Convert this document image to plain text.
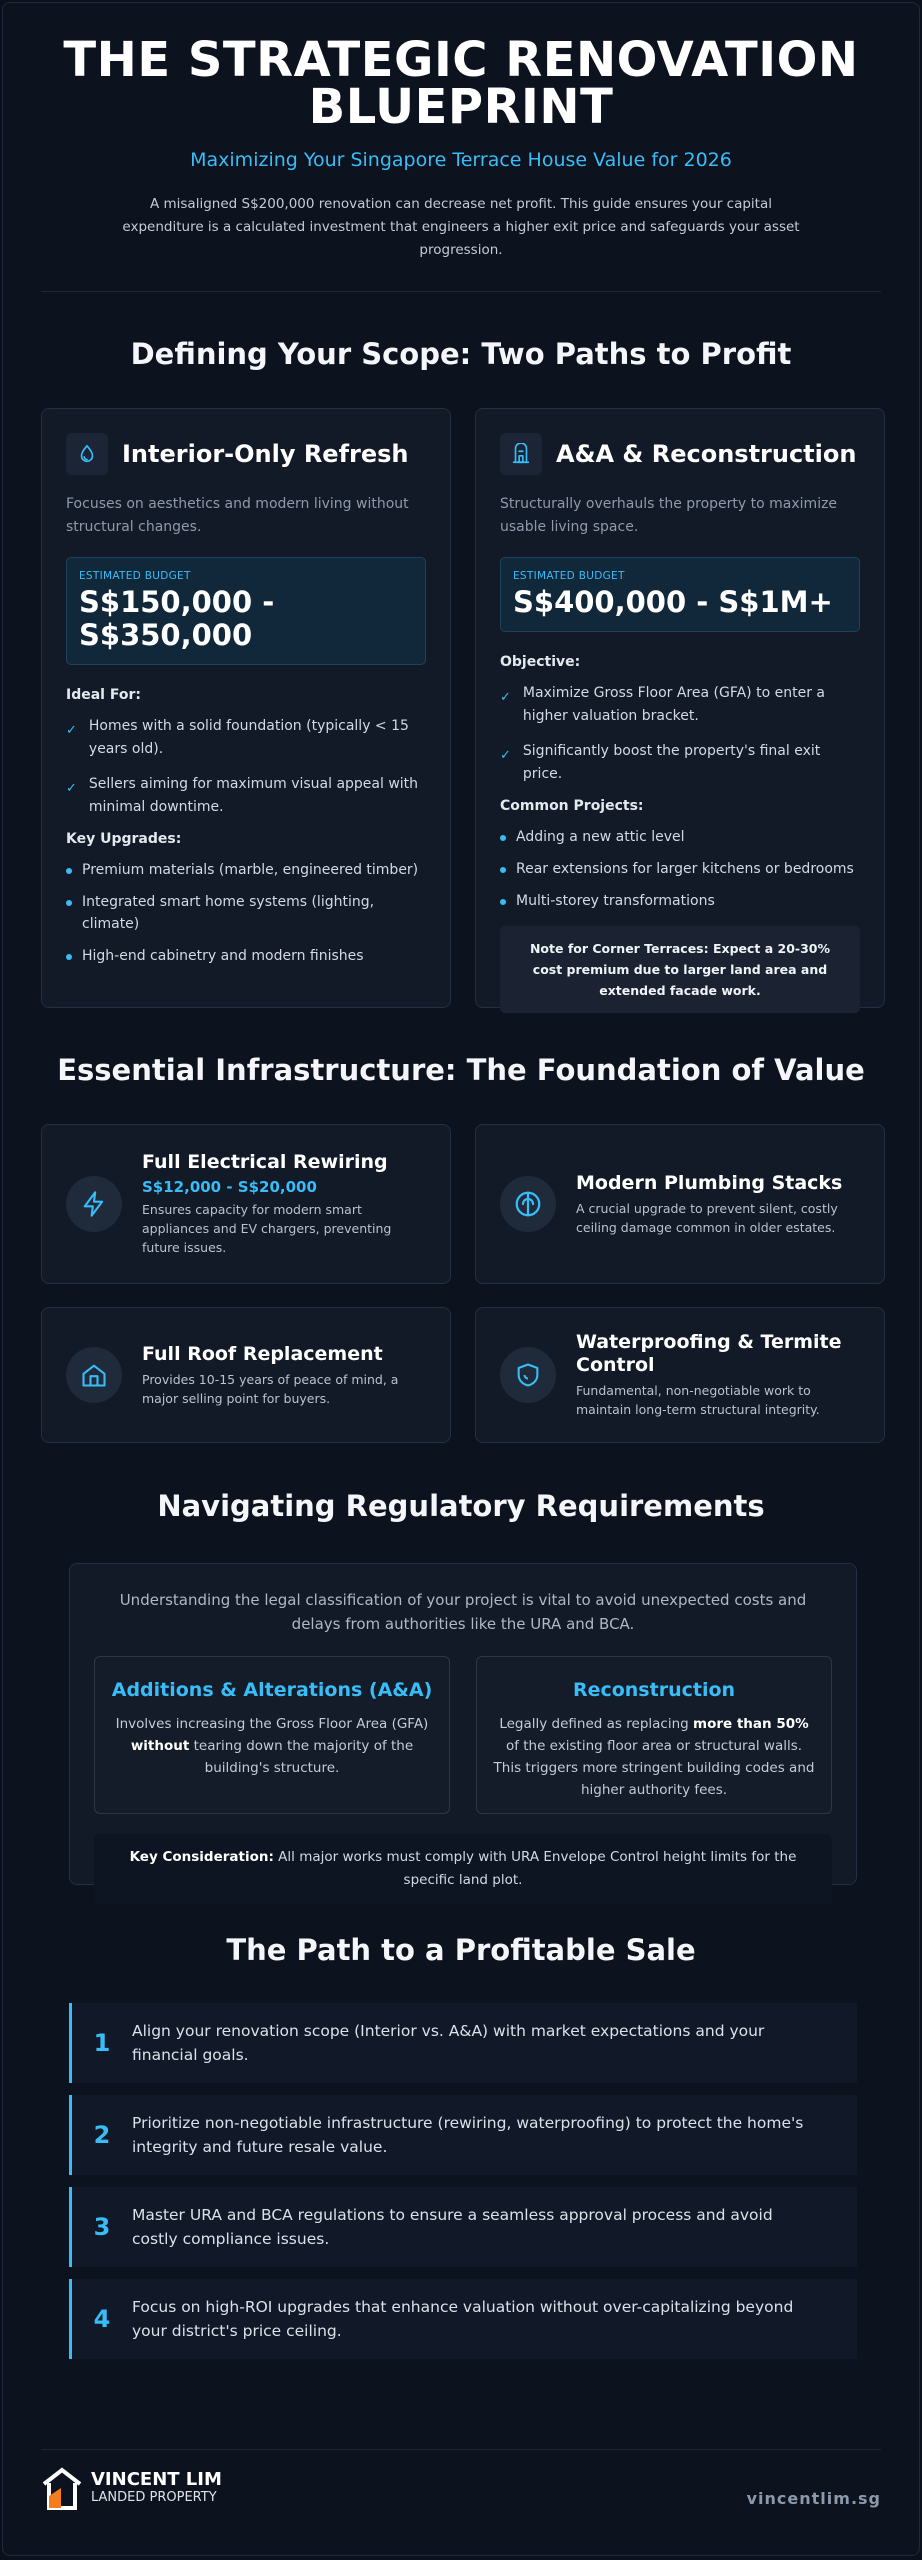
THE STRATEGIC RENOVATION
BLUEPRINT
Maximizing Your Singapore Terrace House Value for 2026

A misaligned S$200,000 renovation can decrease net profit. This guide ensures your capital expenditure is a calculated investment that engineers a higher exit price and safeguards your asset progression.

Defining Your Scope: Two Paths to Profit
Interior-Only Refresh

Focuses on aesthetics and modern living without structural changes.

ESTIMATED BUDGET
S$150,000 - S$350,000
Ideal For:
✓ Homes with a solid foundation (typically < 15 years old).
✓ Sellers aiming for maximum visual appeal with minimal downtime.
Key Upgrades:
Premium materials (marble, engineered timber)
Integrated smart home systems (lighting, climate)
High-end cabinetry and modern finishes
A&A & Reconstruction

Structurally overhauls the property to maximize usable living space.

ESTIMATED BUDGET
S$400,000 - S$1M+
Objective:
✓ Maximize Gross Floor Area (GFA) to enter a higher valuation bracket.
✓ Significantly boost the property's final exit price.
Common Projects:
Adding a new attic level
Rear extensions for larger kitchens or bedrooms
Multi-storey transformations
Note for Corner Terraces: Expect a 20-30% cost premium due to larger land area and extended facade work.
Essential Infrastructure: The Foundation of Value
Full Electrical Rewiring
S$12,000 - S$20,000
Ensures capacity for modern smart appliances and EV chargers, preventing future issues.
Modern Plumbing Stacks
A crucial upgrade to prevent silent, costly ceiling damage common in older estates.
Full Roof Replacement
Provides 10-15 years of peace of mind, a major selling point for buyers.
Waterproofing & Termite Control
Fundamental, non-negotiable work to maintain long-term structural integrity.
Navigating Regulatory Requirements

Understanding the legal classification of your project is vital to avoid unexpected costs and delays from authorities like the URA and BCA.

Additions & Alterations (A&A)

Involves increasing the Gross Floor Area (GFA) without tearing down the majority of the building's structure.

Reconstruction

Legally defined as replacing more than 50% of the existing floor area or structural walls. This triggers more stringent building codes and higher authority fees.

Key Consideration: All major works must comply with URA Envelope Control height limits for the specific land plot.
The Path to a Profitable Sale
1	Align your renovation scope (Interior vs. A&A) with market expectations and your financial goals.
2	Prioritize non-negotiable infrastructure (rewiring, waterproofing) to protect the home's integrity and future resale value.
3	Master URA and BCA regulations to ensure a seamless approval process and avoid costly compliance issues.
4	Focus on high-ROI upgrades that enhance valuation without over-capitalizing beyond your district's price ceiling.
VINCENT LIM
LANDED PROPERTY	vincentlim.sg
